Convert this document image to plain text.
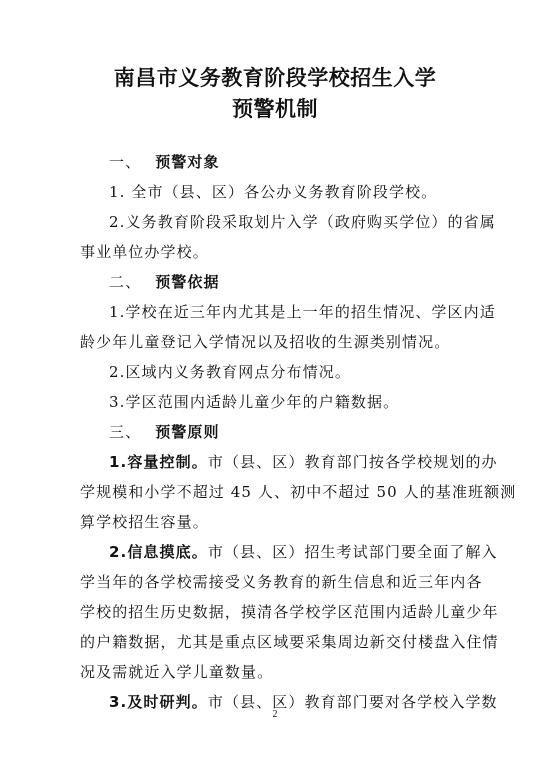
南昌市义务教育阶段学校招生入学
预警机制
一、 预警对象
1. 全市（县、区）各公办义务教育阶段学校。
2.义务教育阶段采取划片入学（政府购买学位）的省属
事业单位办学校。
二、 预警依据
1.学校在近三年内尤其是上一年的招生情况、学区内适
龄少年儿童登记入学情况以及招收的生源类别情况。
2.区域内义务教育网点分布情况。
3.学区范围内适龄儿童少年的户籍数据。
三、 预警原则
1.容量控制。市（县、区）教育部门按各学校规划的办
学规模和小学不超过 45 人、初中不超过 50 人的基准班额测
算学校招生容量。
2.信息摸底。市（县、区）招生考试部门要全面了解入
学当年的各学校需接受义务教育的新生信息和近三年内各
学校的招生历史数据，摸清各学校学区范围内适龄儿童少年
的户籍数据，尤其是重点区域要采集周边新交付楼盘入住情
况及需就近入学儿童数量。
3.及时研判。市（县、区）教育部门要对各学校入学数
2
